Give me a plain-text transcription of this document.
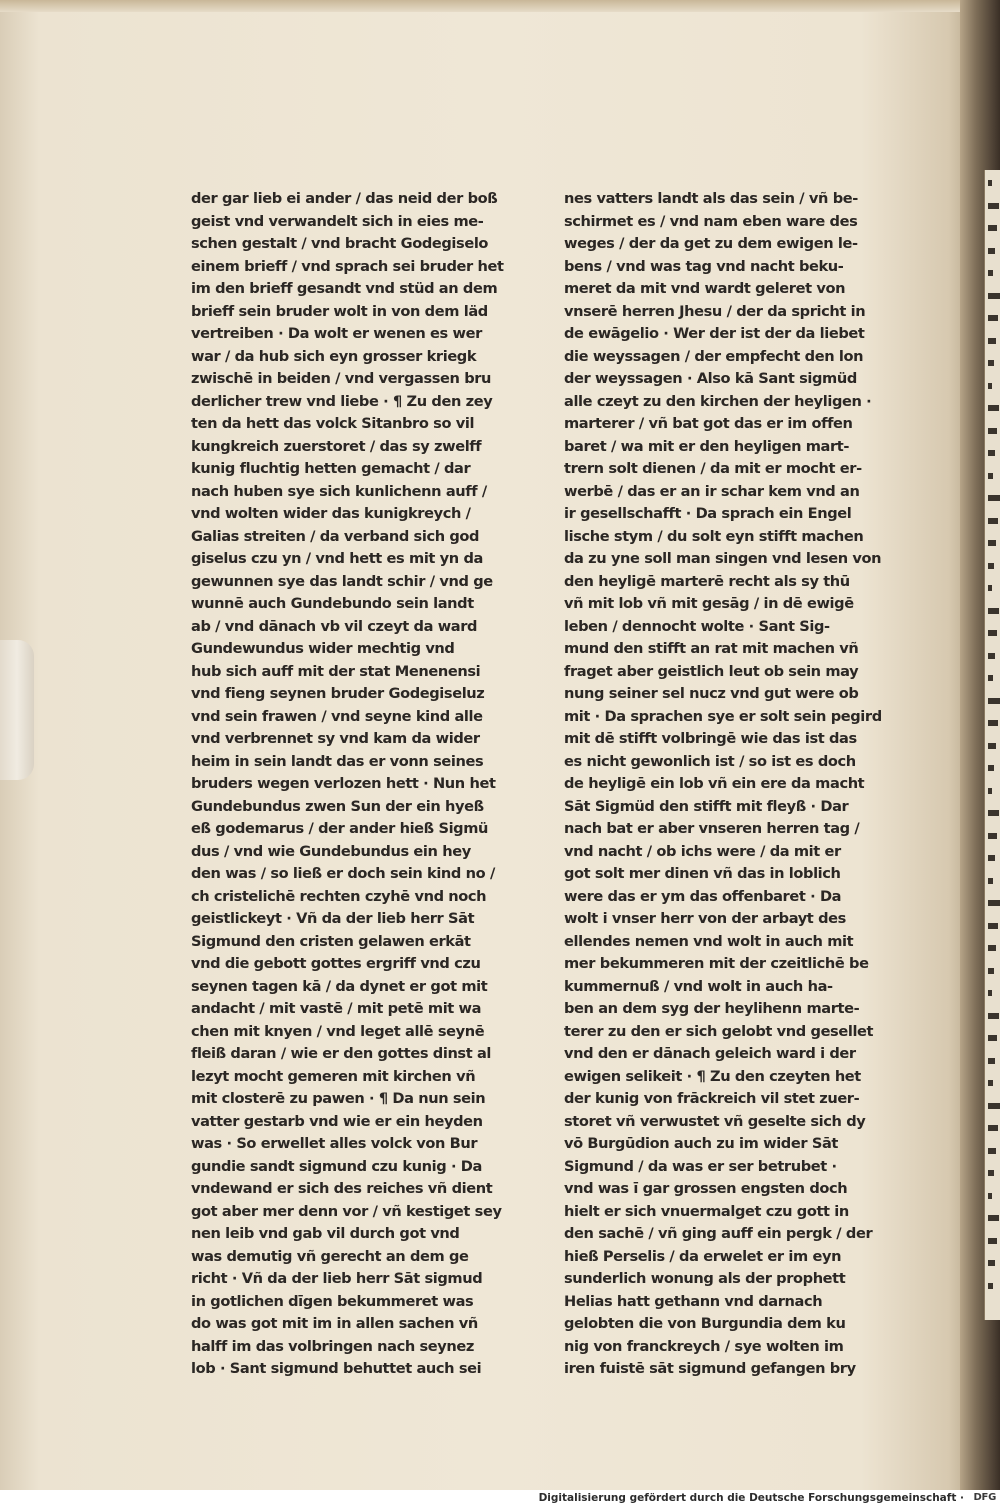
der gar lieb ei ander / das neid der boß
geist vnd verwandelt sich in eies me-
schen gestalt / vnd bracht Godegiselo
einem brieff / vnd sprach sei bruder het
im den brieff gesandt vnd stüd an dem
brieff sein bruder wolt in von dem läd
vertreiben · Da wolt er wenen es wer
war / da hub sich eyn grosser kriegk
zwischē in beiden / vnd vergassen bru
derlicher trew vnd liebe · ¶ Zu den zey
ten da hett das volck Sitanbro so vil
kungkreich zuerstoret / das sy zwelff
kunig fluchtig hetten gemacht / dar
nach huben sye sich kunlichenn auff /
vnd wolten wider das kunigkreych /
Galias streiten / da verband sich god
giselus czu yn / vnd hett es mit yn da
gewunnen sye das landt schir / vnd ge
wunnē auch Gundebundo sein landt
ab / vnd dānach vb vil czeyt da ward
Gundewundus wider mechtig vnd
hub sich auff mit der stat Menenensi
vnd fieng seynen bruder Godegiseluz
vnd sein frawen / vnd seyne kind alle
vnd verbrennet sy vnd kam da wider
heim in sein landt das er vonn seines
bruders wegen verlozen hett · Nun het
Gundebundus zwen Sun der ein hyeß
eß godemarus / der ander hieß Sigmü
dus / vnd wie Gundebundus ein hey
den was / so ließ er doch sein kind no /
ch cristelichē rechten czyhē vnd noch
geistlickeyt · Vñ da der lieb herr Sāt
Sigmund den cristen gelawen erkāt
vnd die gebott gottes ergriff vnd czu
seynen tagen kā / da dynet er got mit
andacht / mit vastē / mit petē mit wa
chen mit knyen / vnd leget allē seynē
fleiß daran / wie er den gottes dinst al
lezyt mocht gemeren mit kirchen vñ
mit closterē zu pawen · ¶ Da nun sein
vatter gestarb vnd wie er ein heyden
was · So erwellet alles volck von Bur
gundie sandt sigmund czu kunig · Da
vndewand er sich des reiches vñ dient
got aber mer denn vor / vñ kestiget sey
nen leib vnd gab vil durch got vnd
was demutig vñ gerecht an dem ge
richt · Vñ da der lieb herr Sāt sigmud
in gotlichen dīgen bekummeret was
do was got mit im in allen sachen vñ
halff im das volbringen nach seynez
lob · Sant sigmund behuttet auch sei
nes vatters landt als das sein / vñ be-
schirmet es / vnd nam eben ware des
weges / der da get zu dem ewigen le-
bens / vnd was tag vnd nacht beku-
meret da mit vnd wardt geleret von
vnserē herren Jhesu / der da spricht in
de ewāgelio · Wer der ist der da liebet
die weyssagen / der empfecht den lon
der weyssagen · Also kā Sant sigmüd
alle czeyt zu den kirchen der heyligen ·
marterer / vñ bat got das er im offen
baret / wa mit er den heyligen mart-
trern solt dienen / da mit er mocht er-
werbē / das er an ir schar kem vnd an
ir gesellschafft · Da sprach ein Engel
lische stym / du solt eyn stifft machen
da zu yne soll man singen vnd lesen von
den heyligē marterē recht als sy thū
vñ mit lob vñ mit gesāg / in dē ewigē
leben / dennocht wolte · Sant Sig-
mund den stifft an rat mit machen vñ
fraget aber geistlich leut ob sein may
nung seiner sel nucz vnd gut were ob
mit · Da sprachen sye er solt sein pegird
mit dē stifft volbringē wie das ist das
es nicht gewonlich ist / so ist es doch
de heyligē ein lob vñ ein ere da macht
Sāt Sigmüd den stifft mit fleyß · Dar
nach bat er aber vnseren herren tag /
vnd nacht / ob ichs were / da mit er
got solt mer dinen vñ das in loblich
were das er ym das offenbaret · Da
wolt i vnser herr von der arbayt des
ellendes nemen vnd wolt in auch mit
mer bekummeren mit der czeitlichē be
kummernuß / vnd wolt in auch ha-
ben an dem syg der heylihenn marte-
terer zu den er sich gelobt vnd gesellet
vnd den er dānach geleich ward i der
ewigen selikeit · ¶ Zu den czeyten het
der kunig von frāckreich vil stet zuer-
storet vñ verwustet vñ geselte sich dy
vō Burgūdion auch zu im wider Sāt
Sigmund / da was er ser betrubet ·
vnd was ī gar grossen engsten doch
hielt er sich vnuermalget czu gott in
den sachē / vñ ging auff ein pergk / der
hieß Perselis / da erwelet er im eyn
sunderlich wonung als der prophett
Helias hatt gethann vnd darnach
gelobten die von Burgundia dem ku
nig von franckreych / sye wolten im
iren fuistē sāt sigmund gefangen bry
Digitalisierung gefördert durch die Deutsche Forschungsgemeinschaft · DFG
